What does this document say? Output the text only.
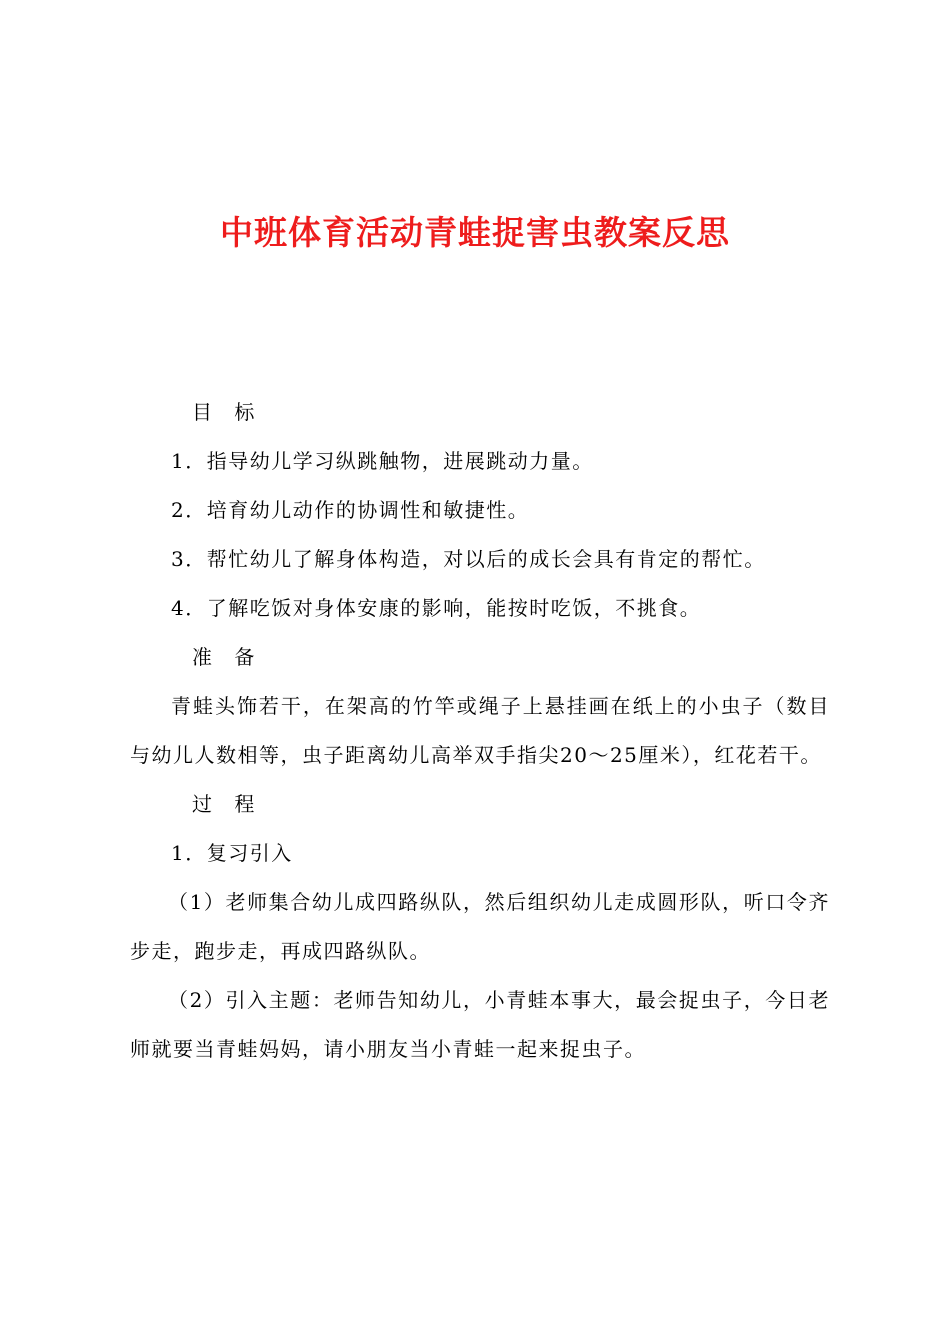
中班体育活动青蛙捉害虫教案反思

目 标

1．指导幼儿学习纵跳触物，进展跳动力量。

2．培育幼儿动作的协调性和敏捷性。

3．帮忙幼儿了解身体构造，对以后的成长会具有肯定的帮忙。

4．了解吃饭对身体安康的影响，能按时吃饭，不挑食。

准 备

青蛙头饰若干，在架高的竹竿或绳子上悬挂画在纸上的小虫子（数目与幼儿人数相等，虫子距离幼儿高举双手指尖20～25厘米），红花若干。

过 程

1．复习引入

（1）老师集合幼儿成四路纵队，然后组织幼儿走成圆形队，听口令齐步走，跑步走，再成四路纵队。

（2）引入主题：老师告知幼儿，小青蛙本事大，最会捉虫子，今日老师就要当青蛙妈妈，请小朋友当小青蛙一起来捉虫子。
